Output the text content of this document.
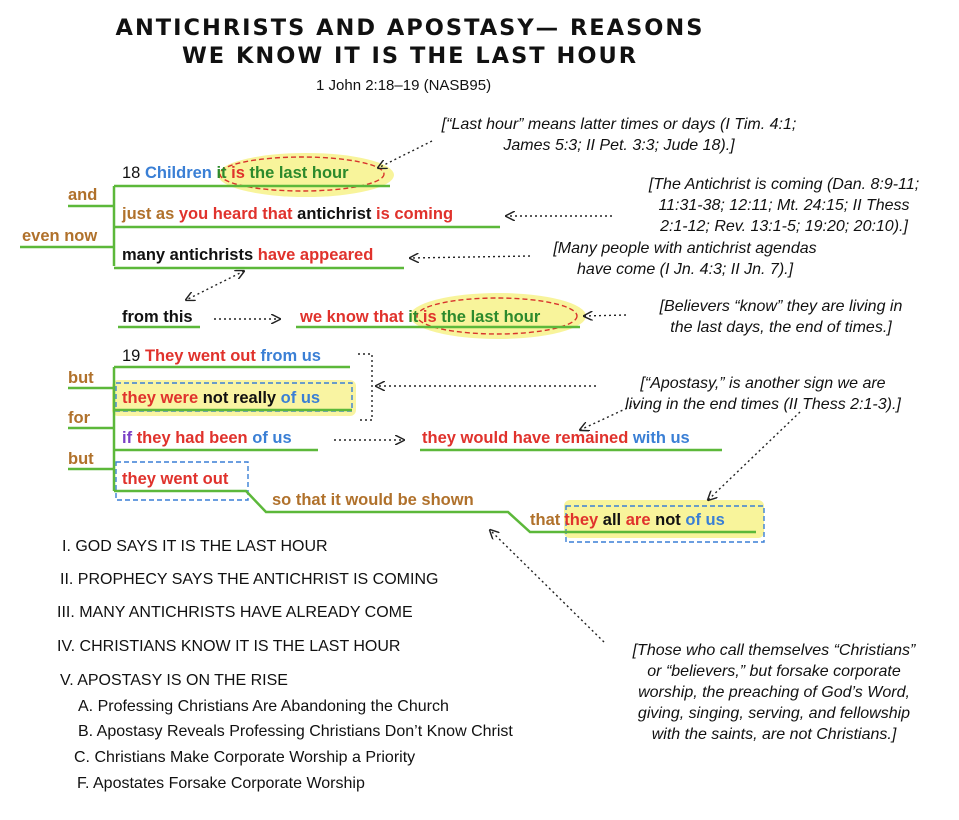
ANTICHRISTS AND APOSTASY— REASONS
WE KNOW IT IS THE LAST HOUR
1 John 2:18–19 (NASB95)
18 Children it is the last hour
just as you heard that antichrist is coming
many antichrists have appeared
from this	we know that it is the last hour
19 They went out from us
they were not really of us
if they had been of us	they would have remained with us
they went out
so that it would be shown
that they all are not of us
and
even now
but
for
but
[“Last hour” means latter times or days (I Tim. 4:1;
James 5:3; II Pet. 3:3; Jude 18).]
[The Antichrist is coming (Dan. 8:9-11;
11:31-38; 12:11; Mt. 24:15; II Thess
2:1-12; Rev. 13:1-5; 19:20; 20:10).]
[Many people with antichrist agendas
have come (I Jn. 4:3; II Jn. 7).]
[Believers “know” they are living in
the last days, the end of times.]
[“Apostasy,” is another sign we are
living in the end times (II Thess 2:1-3).]
[Those who call themselves “Christians”
or “believers,” but forsake corporate
worship, the preaching of God’s Word,
giving, singing, serving, and fellowship
with the saints, are not Christians.]
I. GOD SAYS IT IS THE LAST HOUR
II. PROPHECY SAYS THE ANTICHRIST IS COMING
III. MANY ANTICHRISTS HAVE ALREADY COME
IV. CHRISTIANS KNOW IT IS THE LAST HOUR
V. APOSTASY IS ON THE RISE
A. Professing Christians Are Abandoning the Church
B. Apostasy Reveals Professing Christians Don’t Know Christ
C. Christians Make Corporate Worship a Priority
F. Apostates Forsake Corporate Worship
